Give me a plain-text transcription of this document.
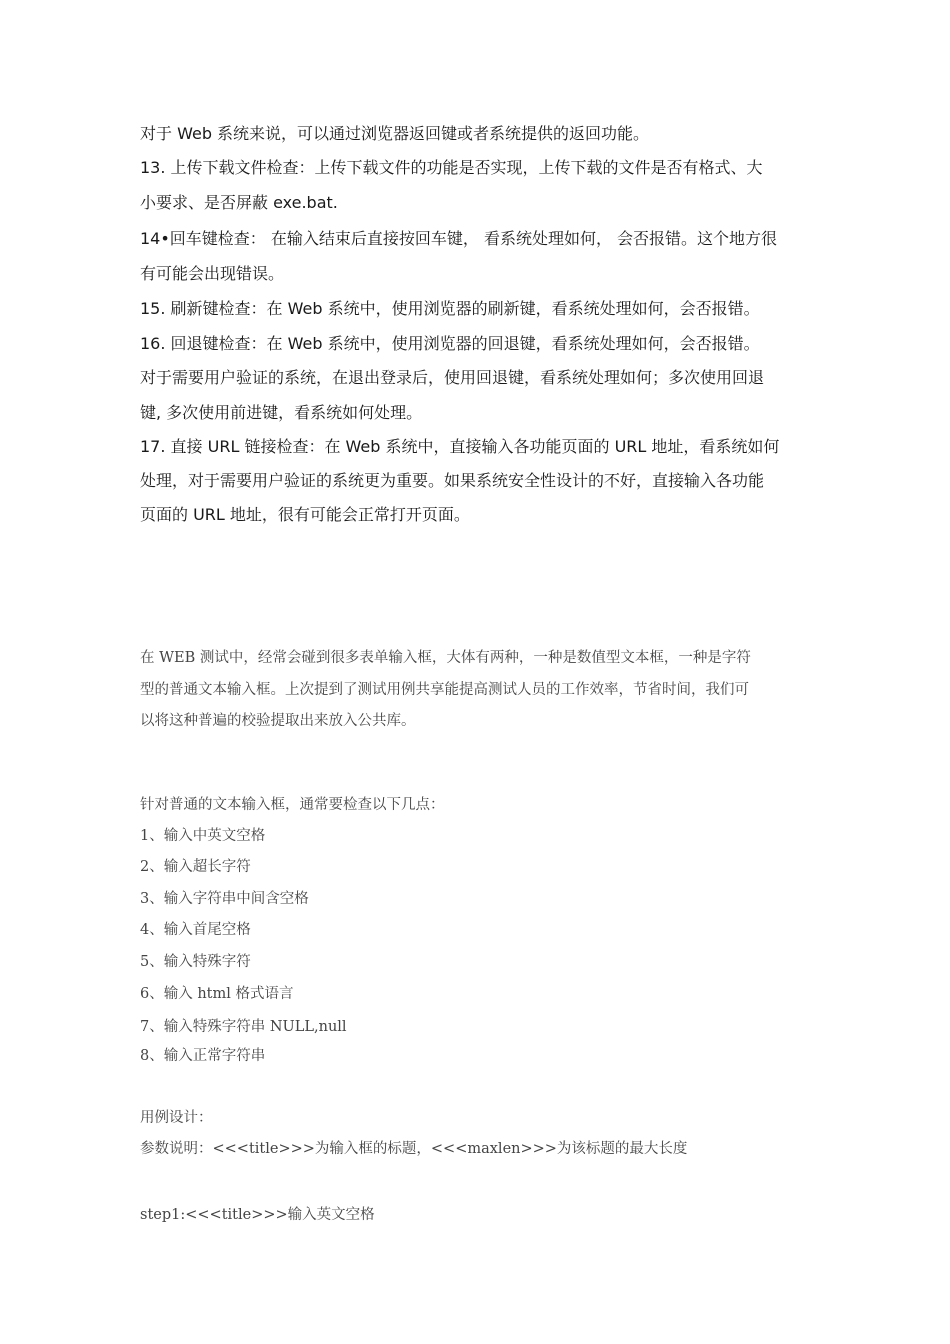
对于 Web 系统来说，可以通过浏览器返回键或者系统提供的返回功能。
13. 上传下载文件检查：上传下载文件的功能是否实现，上传下载的文件是否有格式、大
小要求、是否屏蔽 exe.bat.
14•回车键检查： 在输入结束后直接按回车键， 看系统处理如何， 会否报错。这个地方很
有可能会出现错误。
15. 刷新键检查：在 Web 系统中，使用浏览器的刷新键，看系统处理如何，会否报错。
16. 回退键检查：在 Web 系统中，使用浏览器的回退键，看系统处理如何，会否报错。
对于需要用户验证的系统，在退出登录后，使用回退键，看系统处理如何；多次使用回退
键, 多次使用前进键，看系统如何处理。
17. 直接 URL 链接检查：在 Web 系统中，直接输入各功能页面的 URL 地址，看系统如何
处理，对于需要用户验证的系统更为重要。如果系统安全性设计的不好，直接输入各功能
页面的 URL 地址，很有可能会正常打开页面。
在 WEB 测试中，经常会碰到很多表单输入框，大体有两种，一种是数值型文本框，一种是字符
型的普通文本输入框。上次提到了测试用例共享能提高测试人员的工作效率，节省时间，我们可
以将这种普遍的校验提取出来放入公共库。
针对普通的文本输入框，通常要检查以下几点：
1、输入中英文空格
2、输入超长字符
3、输入字符串中间含空格
4、输入首尾空格
5、输入特殊字符
6、输入 html 格式语言
7、输入特殊字符串 NULL,null
8、输入正常字符串
用例设计：
参数说明：<<<title>>>为输入框的标题，<<<maxlen>>>为该标题的最大长度
step1:<<<title>>>输入英文空格
